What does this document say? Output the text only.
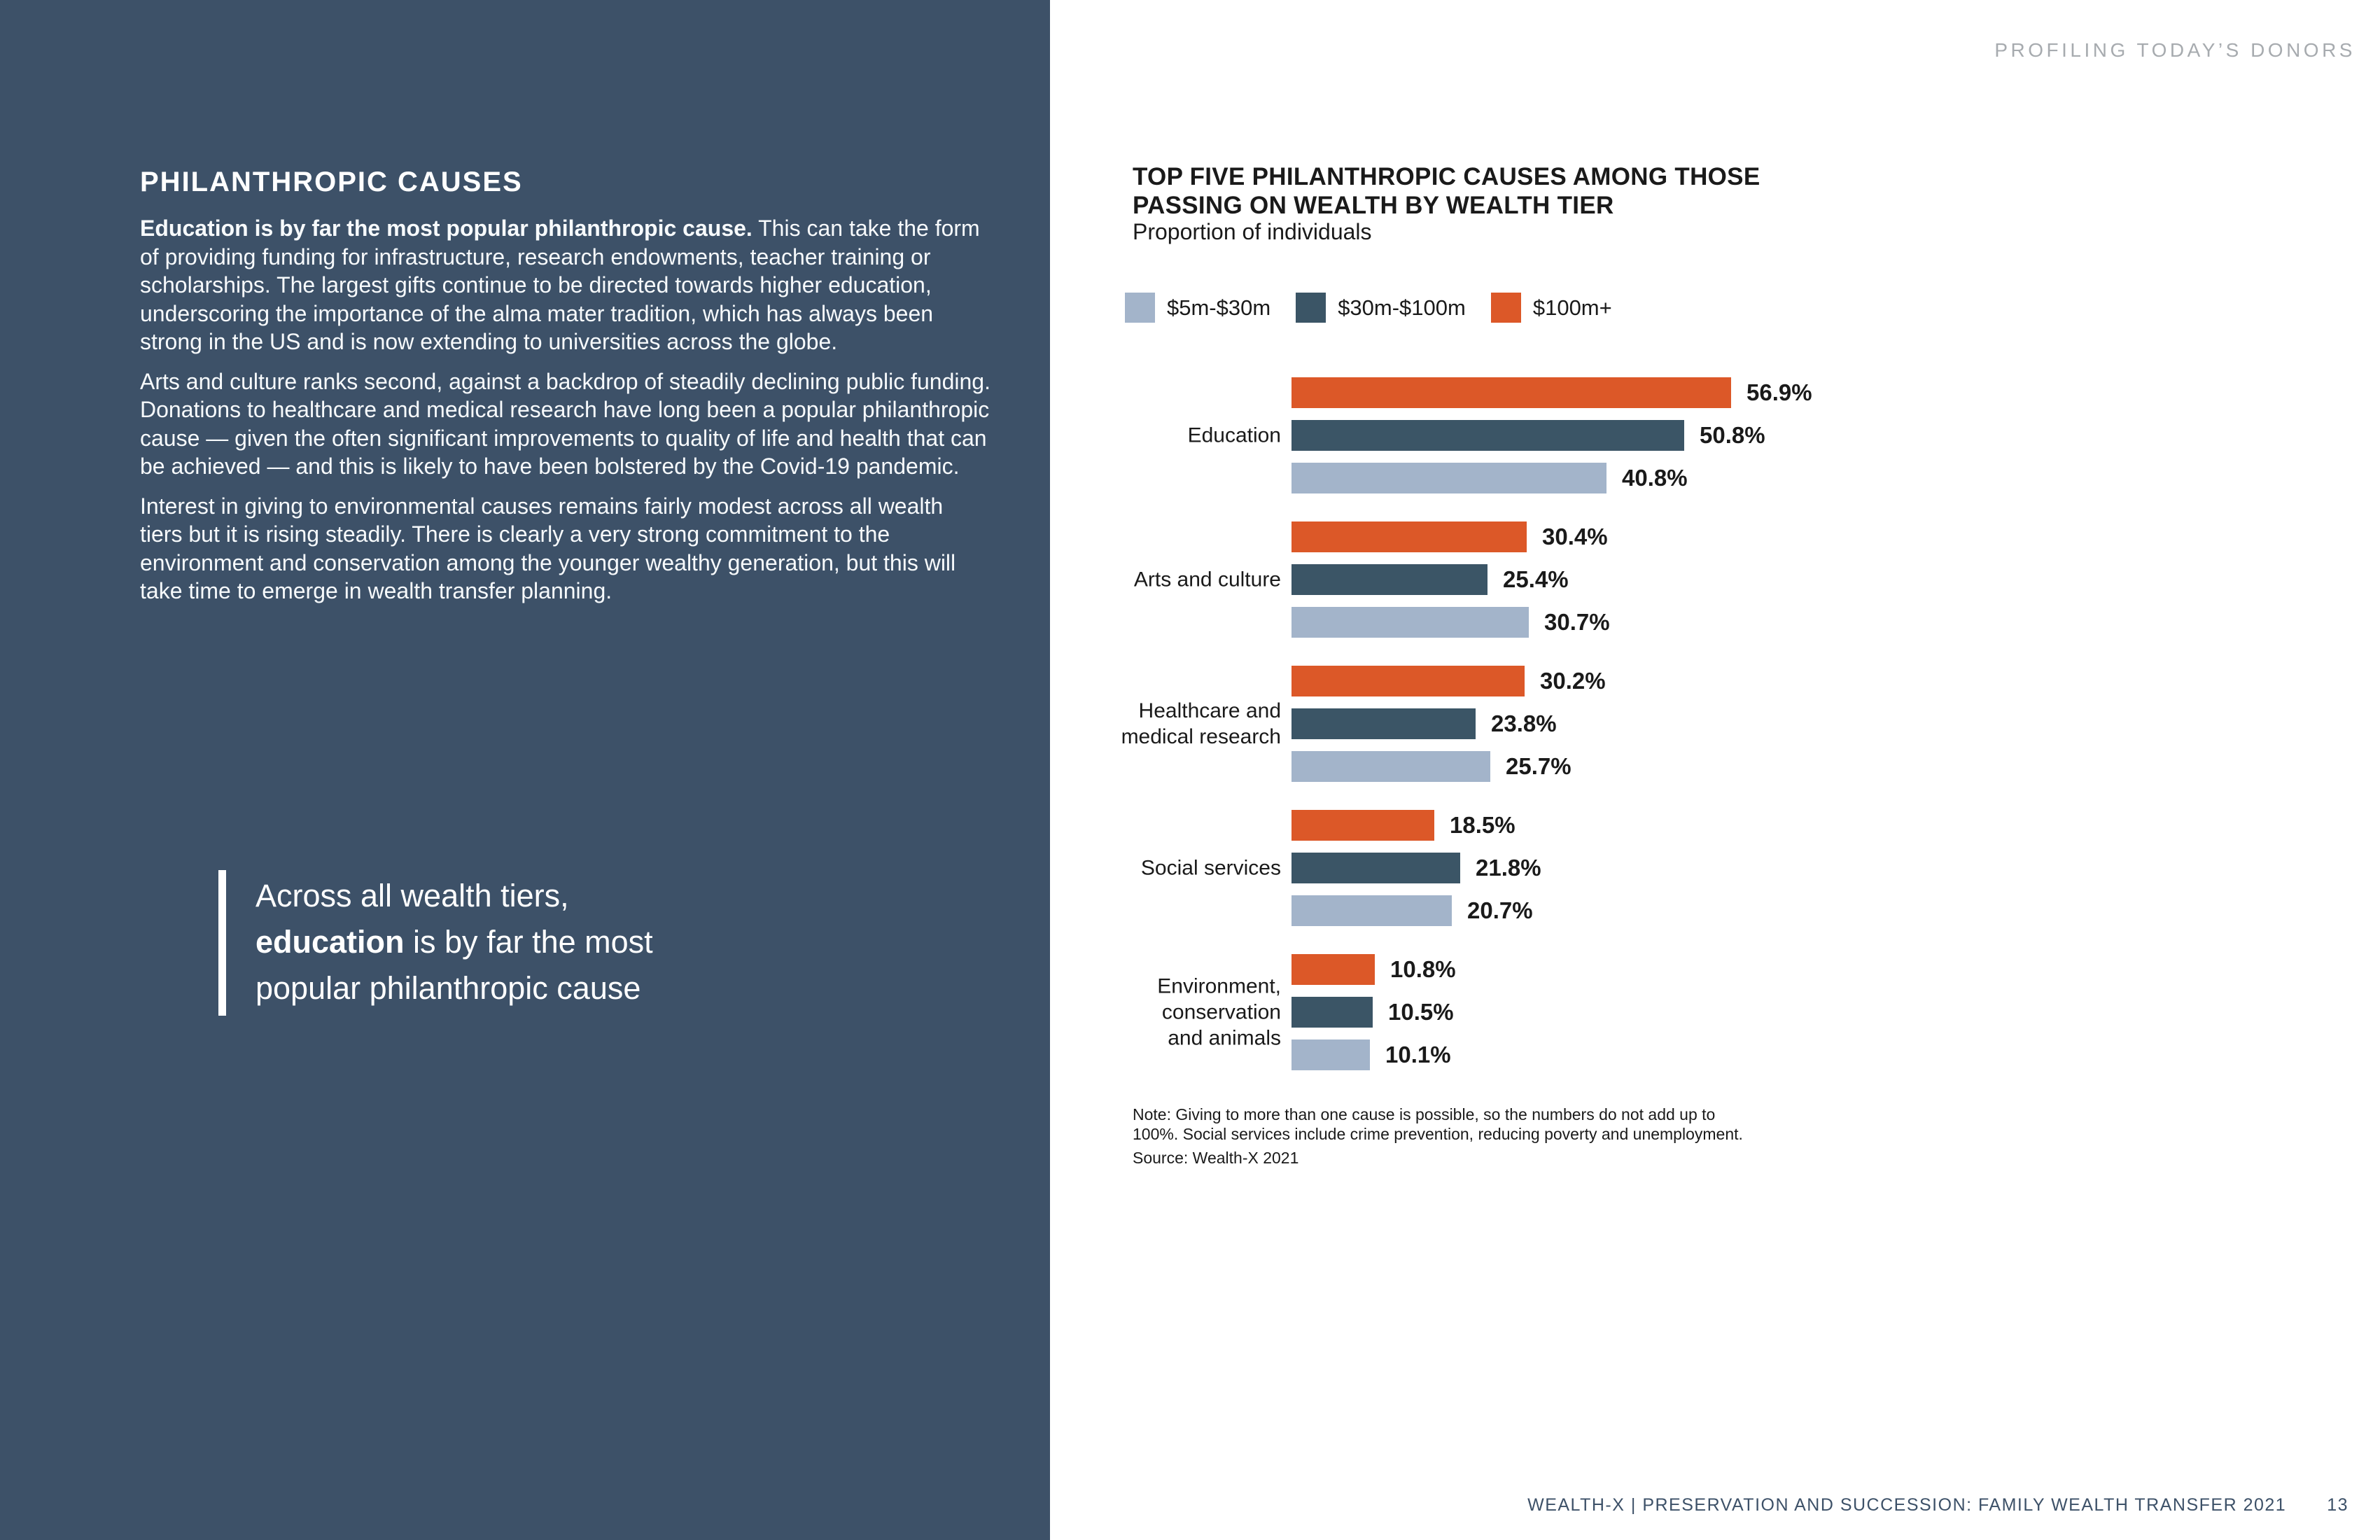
PHILANTHROPIC CAUSES

Education is by far the most popular philanthropic cause. This can take the form of providing funding for infrastructure, research endowments, teacher training or scholarships. The largest gifts continue to be directed towards higher education, underscoring the importance of the alma mater tradition, which has always been strong in the US and is now extending to universities across the globe.

Arts and culture ranks second, against a backdrop of steadily declining public funding. Donations to healthcare and medical research have long been a popular philanthropic cause — given the often significant improvements to quality of life and health that can be achieved — and this is likely to have been bolstered by the Covid-19 pandemic.

Interest in giving to environmental causes remains fairly modest across all wealth tiers but it is rising steadily. There is clearly a very strong commitment to the environment and conservation among the younger wealthy generation, but this will take time to emerge in wealth transfer planning.

Across all wealth tiers,
education is by far the most
popular philanthropic cause
PROFILING TODAY’S DONORS
TOP FIVE PHILANTHROPIC CAUSES AMONG THOSE
PASSING ON WEALTH BY WEALTH TIER
Proportion of individuals
$5m-$30m	$30m-$100m	$100m+
Education
56.9%
50.8%
40.8%
Arts and culture
30.4%
25.4%
30.7%
Healthcare and
medical research
30.2%
23.8%
25.7%
Social services
18.5%
21.8%
20.7%
Environment,
conservation
and animals
10.8%
10.5%
10.1%
Note: Giving to more than one cause is possible, so the numbers do not add up to
100%. Social services include crime prevention, reducing poverty and unemployment.
Source: Wealth-X 2021
WEALTH-X | PRESERVATION AND SUCCESSION: FAMILY WEALTH TRANSFER 2021 13
